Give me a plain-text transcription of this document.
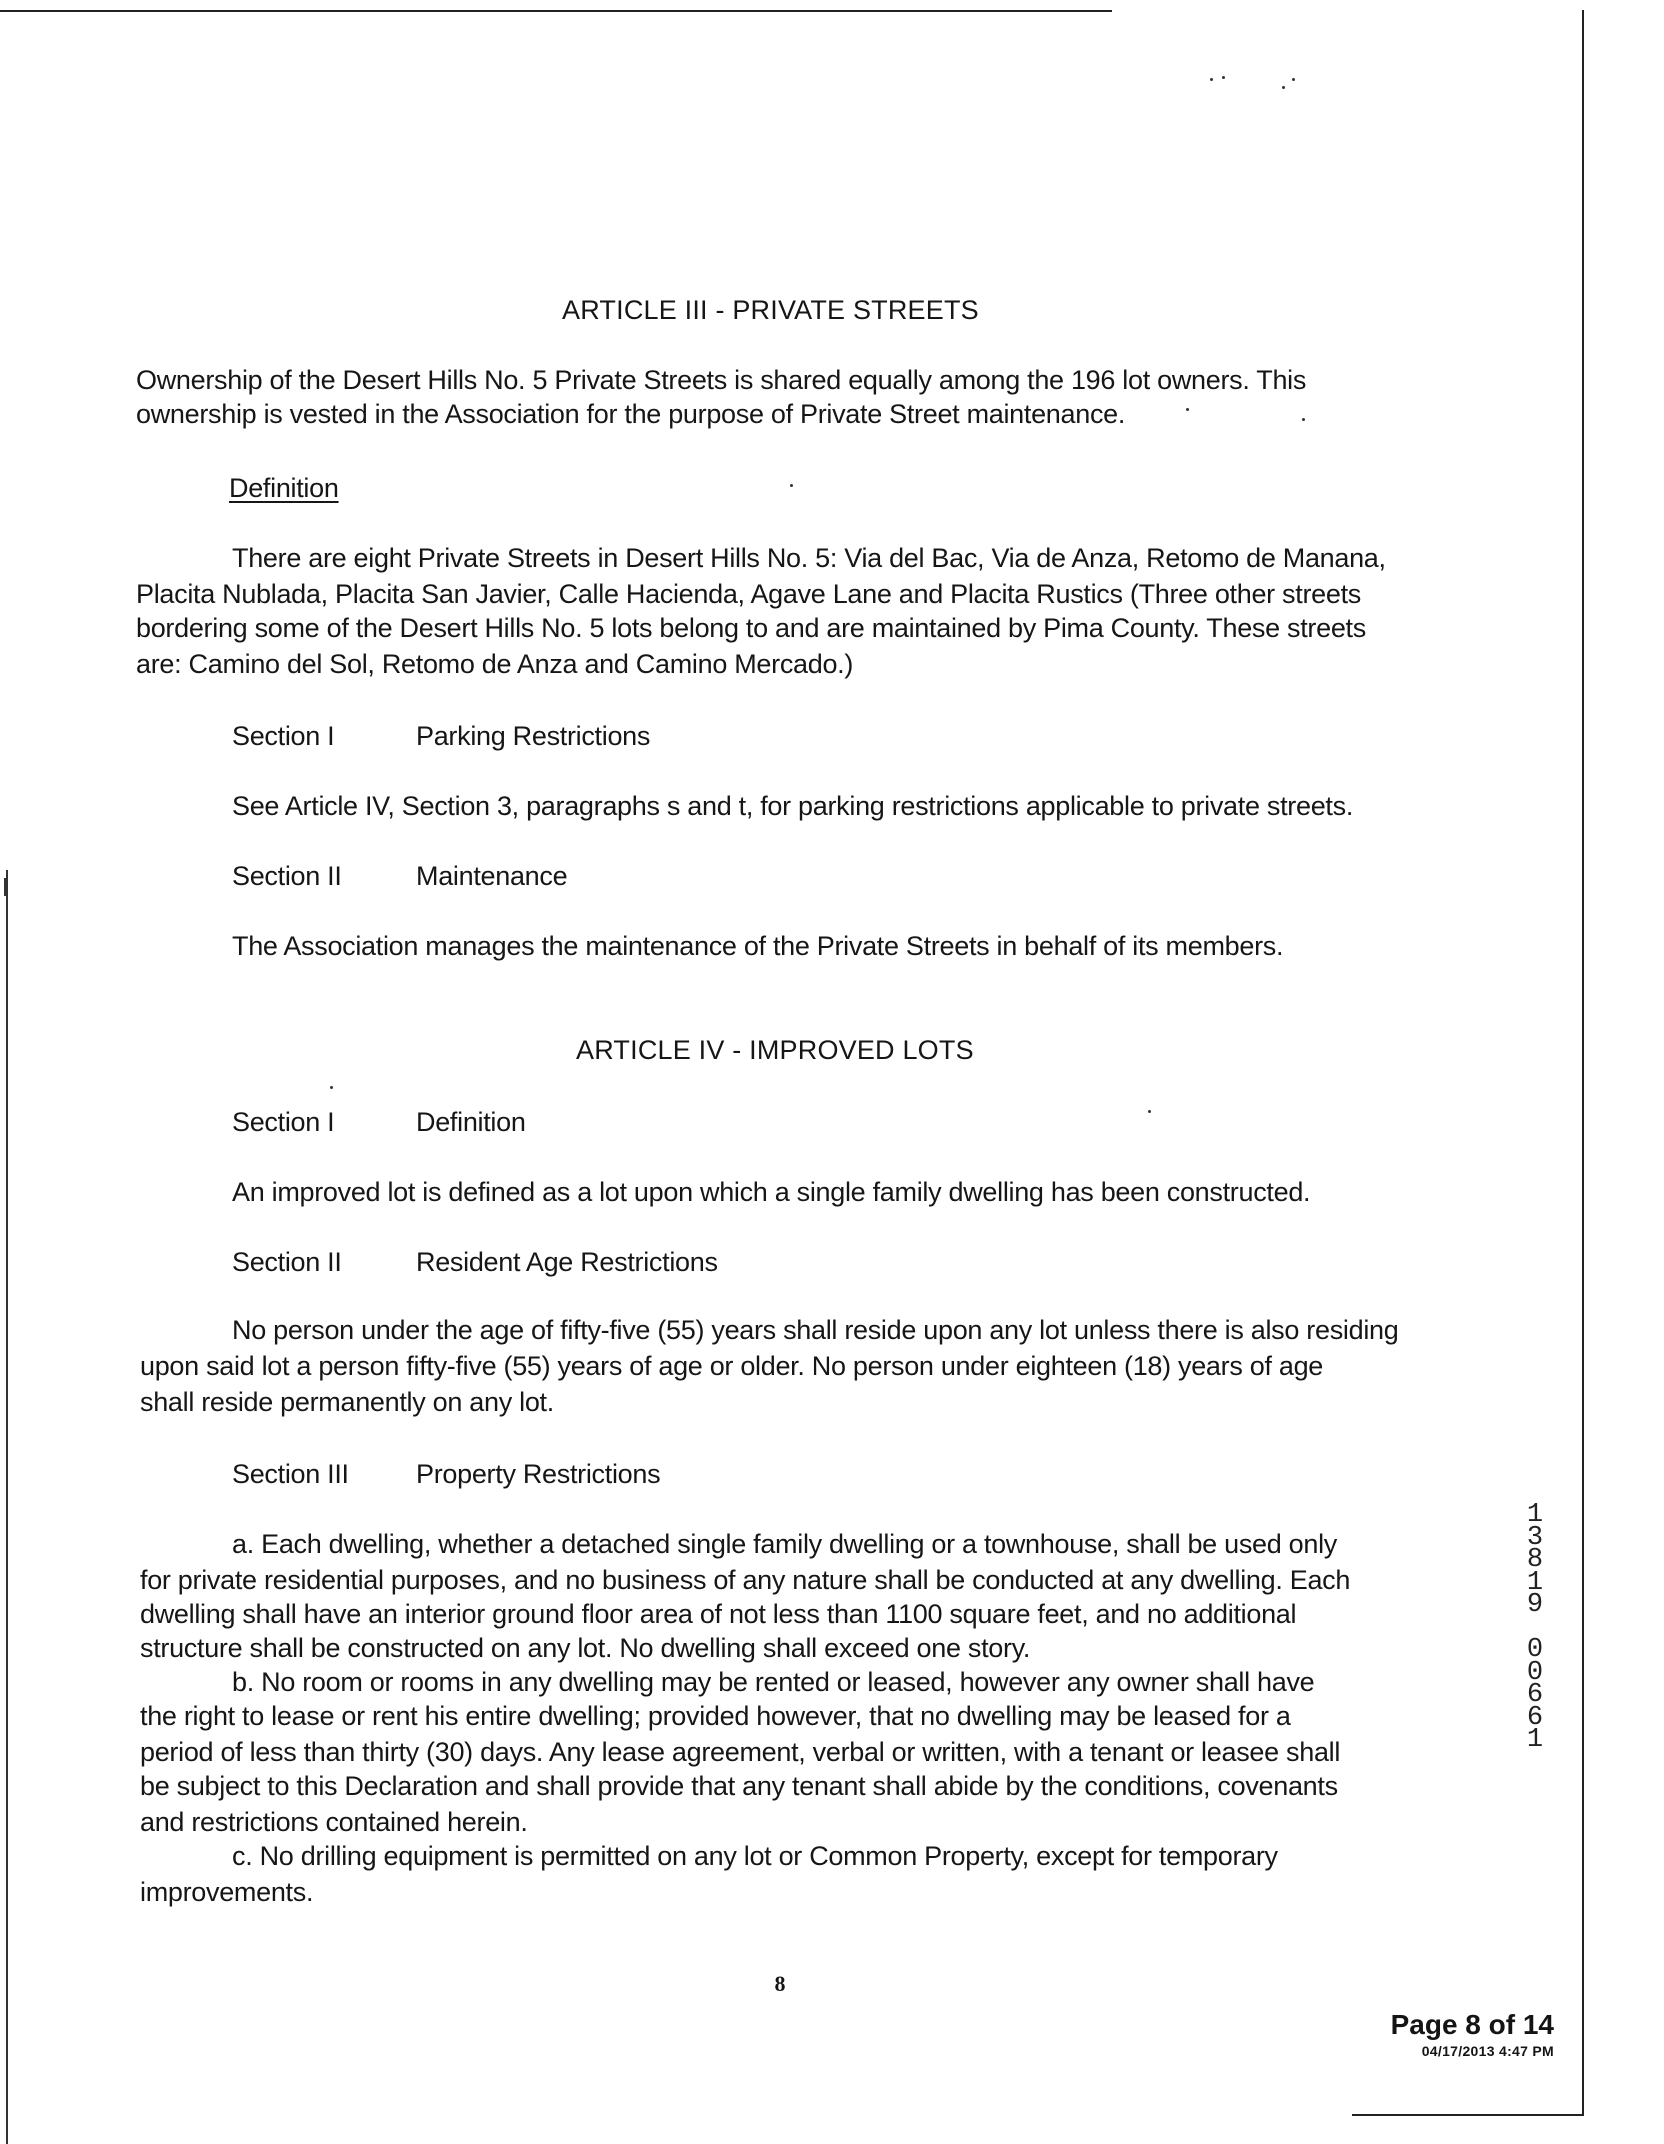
ARTICLE III - PRIVATE STREETS
Ownership of the Desert Hills No. 5 Private Streets is shared equally among the 196 lot owners. This
ownership is vested in the Association for the purpose of Private Street maintenance.
Definition
There are eight Private Streets in Desert Hills No. 5: Via del Bac, Via de Anza, Retomo de Manana,
Placita Nublada, Placita San Javier, Calle Hacienda, Agave Lane and Placita Rustics (Three other streets
bordering some of the Desert Hills No. 5 lots belong to and are maintained by Pima County. These streets
are: Camino del Sol, Retomo de Anza and Camino Mercado.)
Section I	Parking Restrictions
See Article IV, Section 3, paragraphs s and t, for parking restrictions applicable to private streets.
Section II	Maintenance
The Association manages the maintenance of the Private Streets in behalf of its members.
ARTICLE IV - IMPROVED LOTS
Section I	Definition
An improved lot is defined as a lot upon which a single family dwelling has been constructed.
Section II	Resident Age Restrictions
No person under the age of fifty-five (55) years shall reside upon any lot unless there is also residing
upon said lot a person fifty-five (55) years of age or older. No person under eighteen (18) years of age
shall reside permanently on any lot.
Section III Property Restrictions
a. Each dwelling, whether a detached single family dwelling or a townhouse, shall be used only
for private residential purposes, and no business of any nature shall be conducted at any dwelling. Each
dwelling shall have an interior ground floor area of not less than 1100 square feet, and no additional
structure shall be constructed on any lot. No dwelling shall exceed one story.
b. No room or rooms in any dwelling may be rented or leased, however any owner shall have
the right to lease or rent his entire dwelling; provided however, that no dwelling may be leased for a
period of less than thirty (30) days. Any lease agreement, verbal or written, with a tenant or leasee shall
be subject to this Declaration and shall provide that any tenant shall abide by the conditions, covenants
and restrictions contained herein.
c. No drilling equipment is permitted on any lot or Common Property, except for temporary
improvements.
1
3
8
1
9
0
0
6
6
1
8
Page 8 of 14
04/17/2013 4:47 PM
